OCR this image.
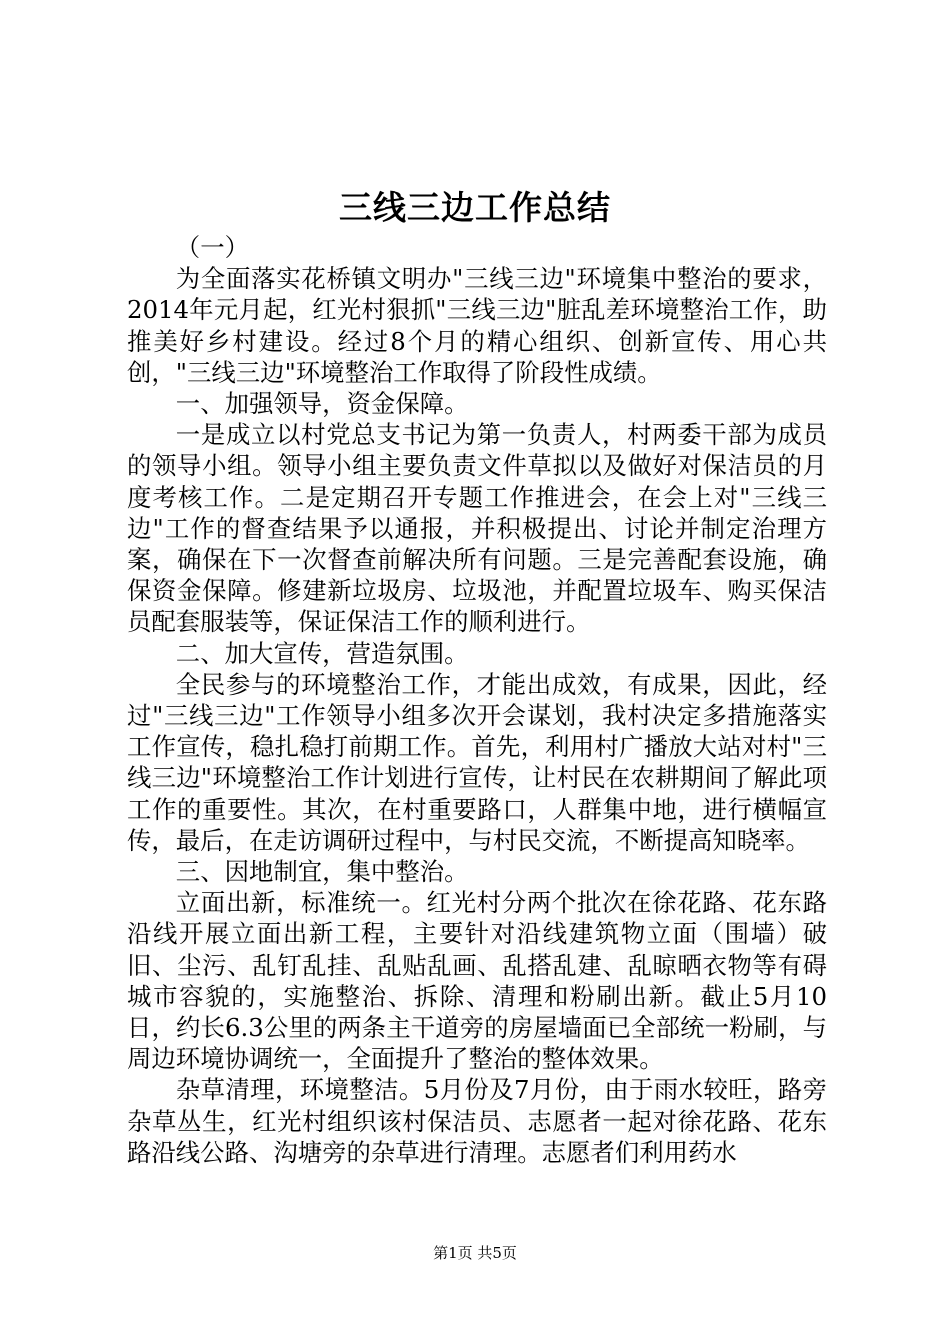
三线三边工作总结

（一）

为全面落实花桥镇文明办"三线三边"环境集中整治的要求，2014年元月起，红光村狠抓"三线三边"脏乱差环境整治工作，助推美好乡村建设。经过8个月的精心组织、创新宣传、用心共创，"三线三边"环境整治工作取得了阶段性成绩。

一、加强领导，资金保障。

一是成立以村党总支书记为第一负责人，村两委干部为成员的领导小组。领导小组主要负责文件草拟以及做好对保洁员的月度考核工作。二是定期召开专题工作推进会，在会上对"三线三边"工作的督查结果予以通报，并积极提出、讨论并制定治理方案，确保在下一次督查前解决所有问题。三是完善配套设施，确保资金保障。修建新垃圾房、垃圾池，并配置垃圾车、购买保洁员配套服装等，保证保洁工作的顺利进行。

二、加大宣传，营造氛围。

全民参与的环境整治工作，才能出成效，有成果，因此，经过"三线三边"工作领导小组多次开会谋划，我村决定多措施落实工作宣传，稳扎稳打前期工作。首先，利用村广播放大站对村"三线三边"环境整治工作计划进行宣传，让村民在农耕期间了解此项工作的重要性。其次，在村重要路口，人群集中地，进行横幅宣传，最后，在走访调研过程中，与村民交流，不断提高知晓率。

三、因地制宜，集中整治。

立面出新，标准统一。红光村分两个批次在徐花路、花东路沿线开展立面出新工程，主要针对沿线建筑物立面（围墙）破旧、尘污、乱钉乱挂、乱贴乱画、乱搭乱建、乱晾晒衣物等有碍城市容貌的，实施整治、拆除、清理和粉刷出新。截止5月10日，约长6.3公里的两条主干道旁的房屋墙面已全部统一粉刷，与周边环境协调统一，全面提升了整治的整体效果。

杂草清理，环境整洁。5月份及7月份，由于雨水较旺，路旁杂草丛生，红光村组织该村保洁员、志愿者一起对徐花路、花东路沿线公路、沟塘旁的杂草进行清理。志愿者们利用药水

第1页 共5页
